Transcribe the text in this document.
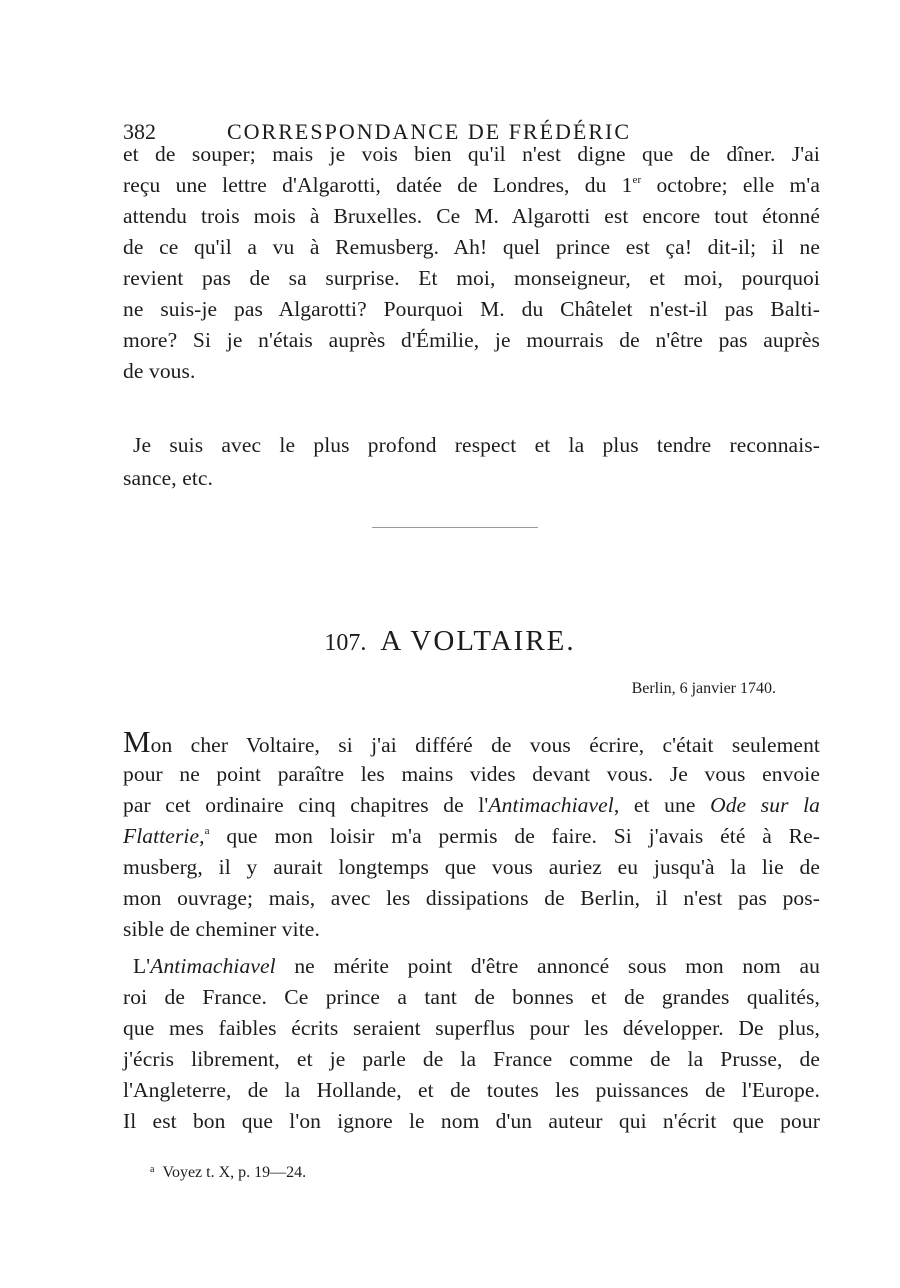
382	CORRESPONDANCE DE FRÉDÉRIC
et de souper; mais je vois bien qu'il n'est digne que de dîner. J'ai
reçu une lettre d'Algarotti, datée de Londres, du 1er octobre; elle m'a
attendu trois mois à Bruxelles. Ce M. Algarotti est encore tout étonné
de ce qu'il a vu à Remusberg. Ah! quel prince est ça! dit-il; il ne
revient pas de sa surprise. Et moi, monseigneur, et moi, pourquoi
ne suis-je pas Algarotti? Pourquoi M. du Châtelet n'est-il pas Balti-
more? Si je n'étais auprès d'Émilie, je mourrais de n'être pas auprès
de vous.
Je suis avec le plus profond respect et la plus tendre reconnais-
sance, etc.
107. A VOLTAIRE.
Berlin, 6 janvier 1740.
Mon cher Voltaire, si j'ai différé de vous écrire, c'était seulement
pour ne point paraître les mains vides devant vous. Je vous envoie
par cet ordinaire cinq chapitres de l'Antimachiavel, et une Ode sur la
Flatterie,$^a$ que mon loisir m'a permis de faire. Si j'avais été à Re-
musberg, il y aurait longtemps que vous auriez eu jusqu'à la lie de
mon ouvrage; mais, avec les dissipations de Berlin, il n'est pas pos-
sible de cheminer vite.
L'Antimachiavel ne mérite point d'être annoncé sous mon nom au
roi de France. Ce prince a tant de bonnes et de grandes qualités,
que mes faibles écrits seraient superflus pour les développer. De plus,
j'écris librement, et je parle de la France comme de la Prusse, de
l'Angleterre, de la Hollande, et de toutes les puissances de l'Europe.
Il est bon que l'on ignore le nom d'un auteur qui n'écrit que pour
$^a$ Voyez t. X, p. 19—24.
